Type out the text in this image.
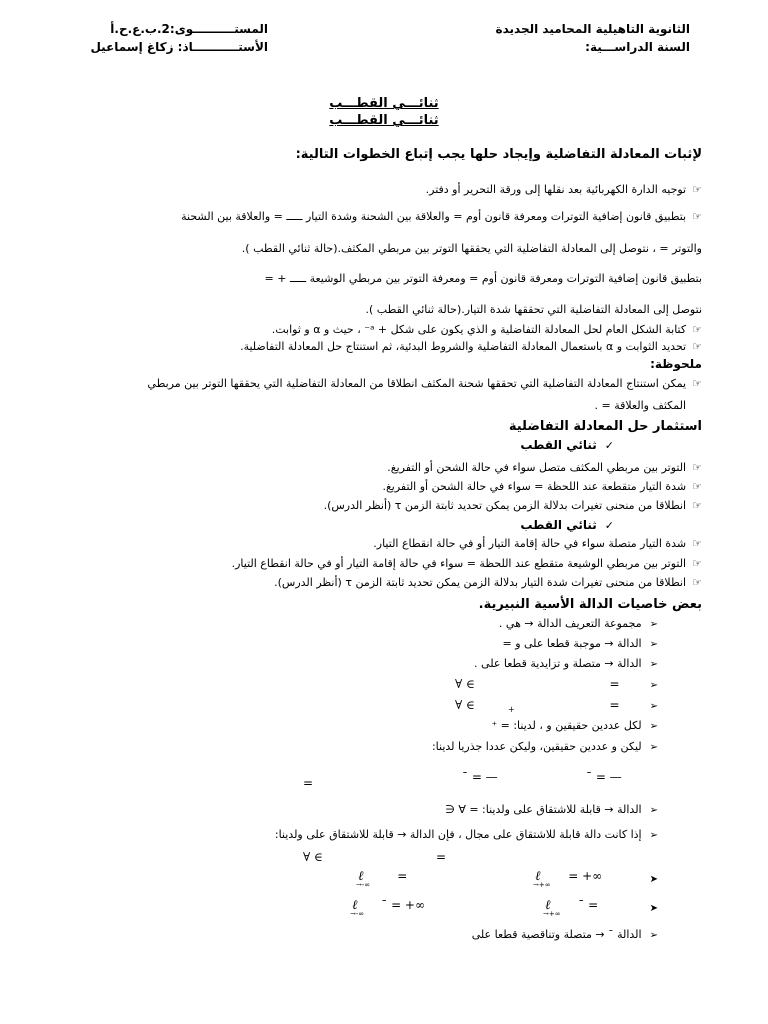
الثانوية التاهيلية المحاميد الجديدة
السنة الدراســـية:
المستــــــــــوى:2.ب.ع.ح.أ
الأستـــــــــــاذ: زكاغ إسماعيل
ثنائـــي القطـــب
ثنائـــي القطـــب
لإثبات المعادلة التفاضلية وإيجاد حلها يجب إتباع الخطوات التالية:
☞ توجيه الدارة الكهربائية بعد نقلها إلى ورقة التحرير أو دفتر.
☞ بتطبيق قانون إضافية التوترات ومعرفة قانون أوم = والعلاقة بين الشحنة وشدة التيار ـــــ = والعلاقة بين الشحنة
والتوتر = ، نتوصل إلى المعادلة التفاضلية التي يحققها التوتر بين مربطي المكثف.(حالة ثنائي القطب ).
بتطبيق قانون إضافية التوترات ومعرفة قانون أوم = ومعرفة التوتر بين مربطي الوشيعة ـــــ + =
نتوصل إلى المعادلة التفاضلية التي تحققها شدة التيار.(حالة ثنائي القطب ).
☞ كتابة الشكل العام لحل المعادلة التفاضلية و الذي يكون على شكل + ᵃ⁻ ، حيث و α و ثوابت.
☞ تحديد الثوابت و α باستعمال المعادلة التفاضلية والشروط البدئية، ثم استنتاج حل المعادلة التفاضلية.
ملحوظة:
☞ يمكن استنتاج المعادلة التفاضلية التي تحققها شحنة المكثف انطلاقا من المعادلة التفاضلية التي يحققها التوتر بين مربطي
المكثف والعلاقة = .
استثمار حل المعادلة التفاضلية
✓ ثنائي القطب
☞ التوتر بين مربطي المكثف متصل سواء في حالة الشحن أو التفريغ.
☞ شدة التيار متقطعة عند اللحظة = سواء في حالة الشحن أو التفريغ.
☞ انطلاقا من منحنى تغيرات بدلالة الزمن يمكن تحديد ثابتة الزمن τ (أنظر الدرس).
✓ ثنائي القطب
☞ شدة التيار متصلة سواء في حالة إقامة التيار أو في حالة انقطاع التيار.
☞ التوتر بين مربطي الوشيعة متقطع عند اللحظة = سواء في حالة إقامة التيار أو في حالة انقطاع التيار.
☞ انطلاقا من منحنى تغيرات شدة التيار بدلالة الزمن يمكن تحديد ثابتة الزمن τ (أنظر الدرس).
بعض خاصيات الدالة الأسية النبيرية.
➢ مجموعة التعريف الدالة → هي .
➢ الدالة → موجبة قطعا على و =
➢ الدالة → متصلة و تزايدية قطعا على .
➢ =
∀ ∈
➢ =
∀ ∈	+
➢ لكل عددين حقيقين و ، لدينا: = ⁺
➢ ليكن و عددين حقيقين، وليكن عددا جذريا لدينا:
=	ˉ = —	ˉ = —
➢ الدالة → قابلة للاشتقاق على ولدينا: = ∀ ∈
➢ إذا كانت دالة قابلة للاشتقاق على مجال ، فإن الدالة → قابلة للاشتقاق على ولدينا:
=
∀ ∈
➤
ℓ
→+∞
= +∞
ℓ
→-∞
=
➤
ℓ
→+∞
ˉ =
ℓ
→-∞
ˉ = +∞
➢ الدالة ˉ → متصلة وتناقصية قطعا على
